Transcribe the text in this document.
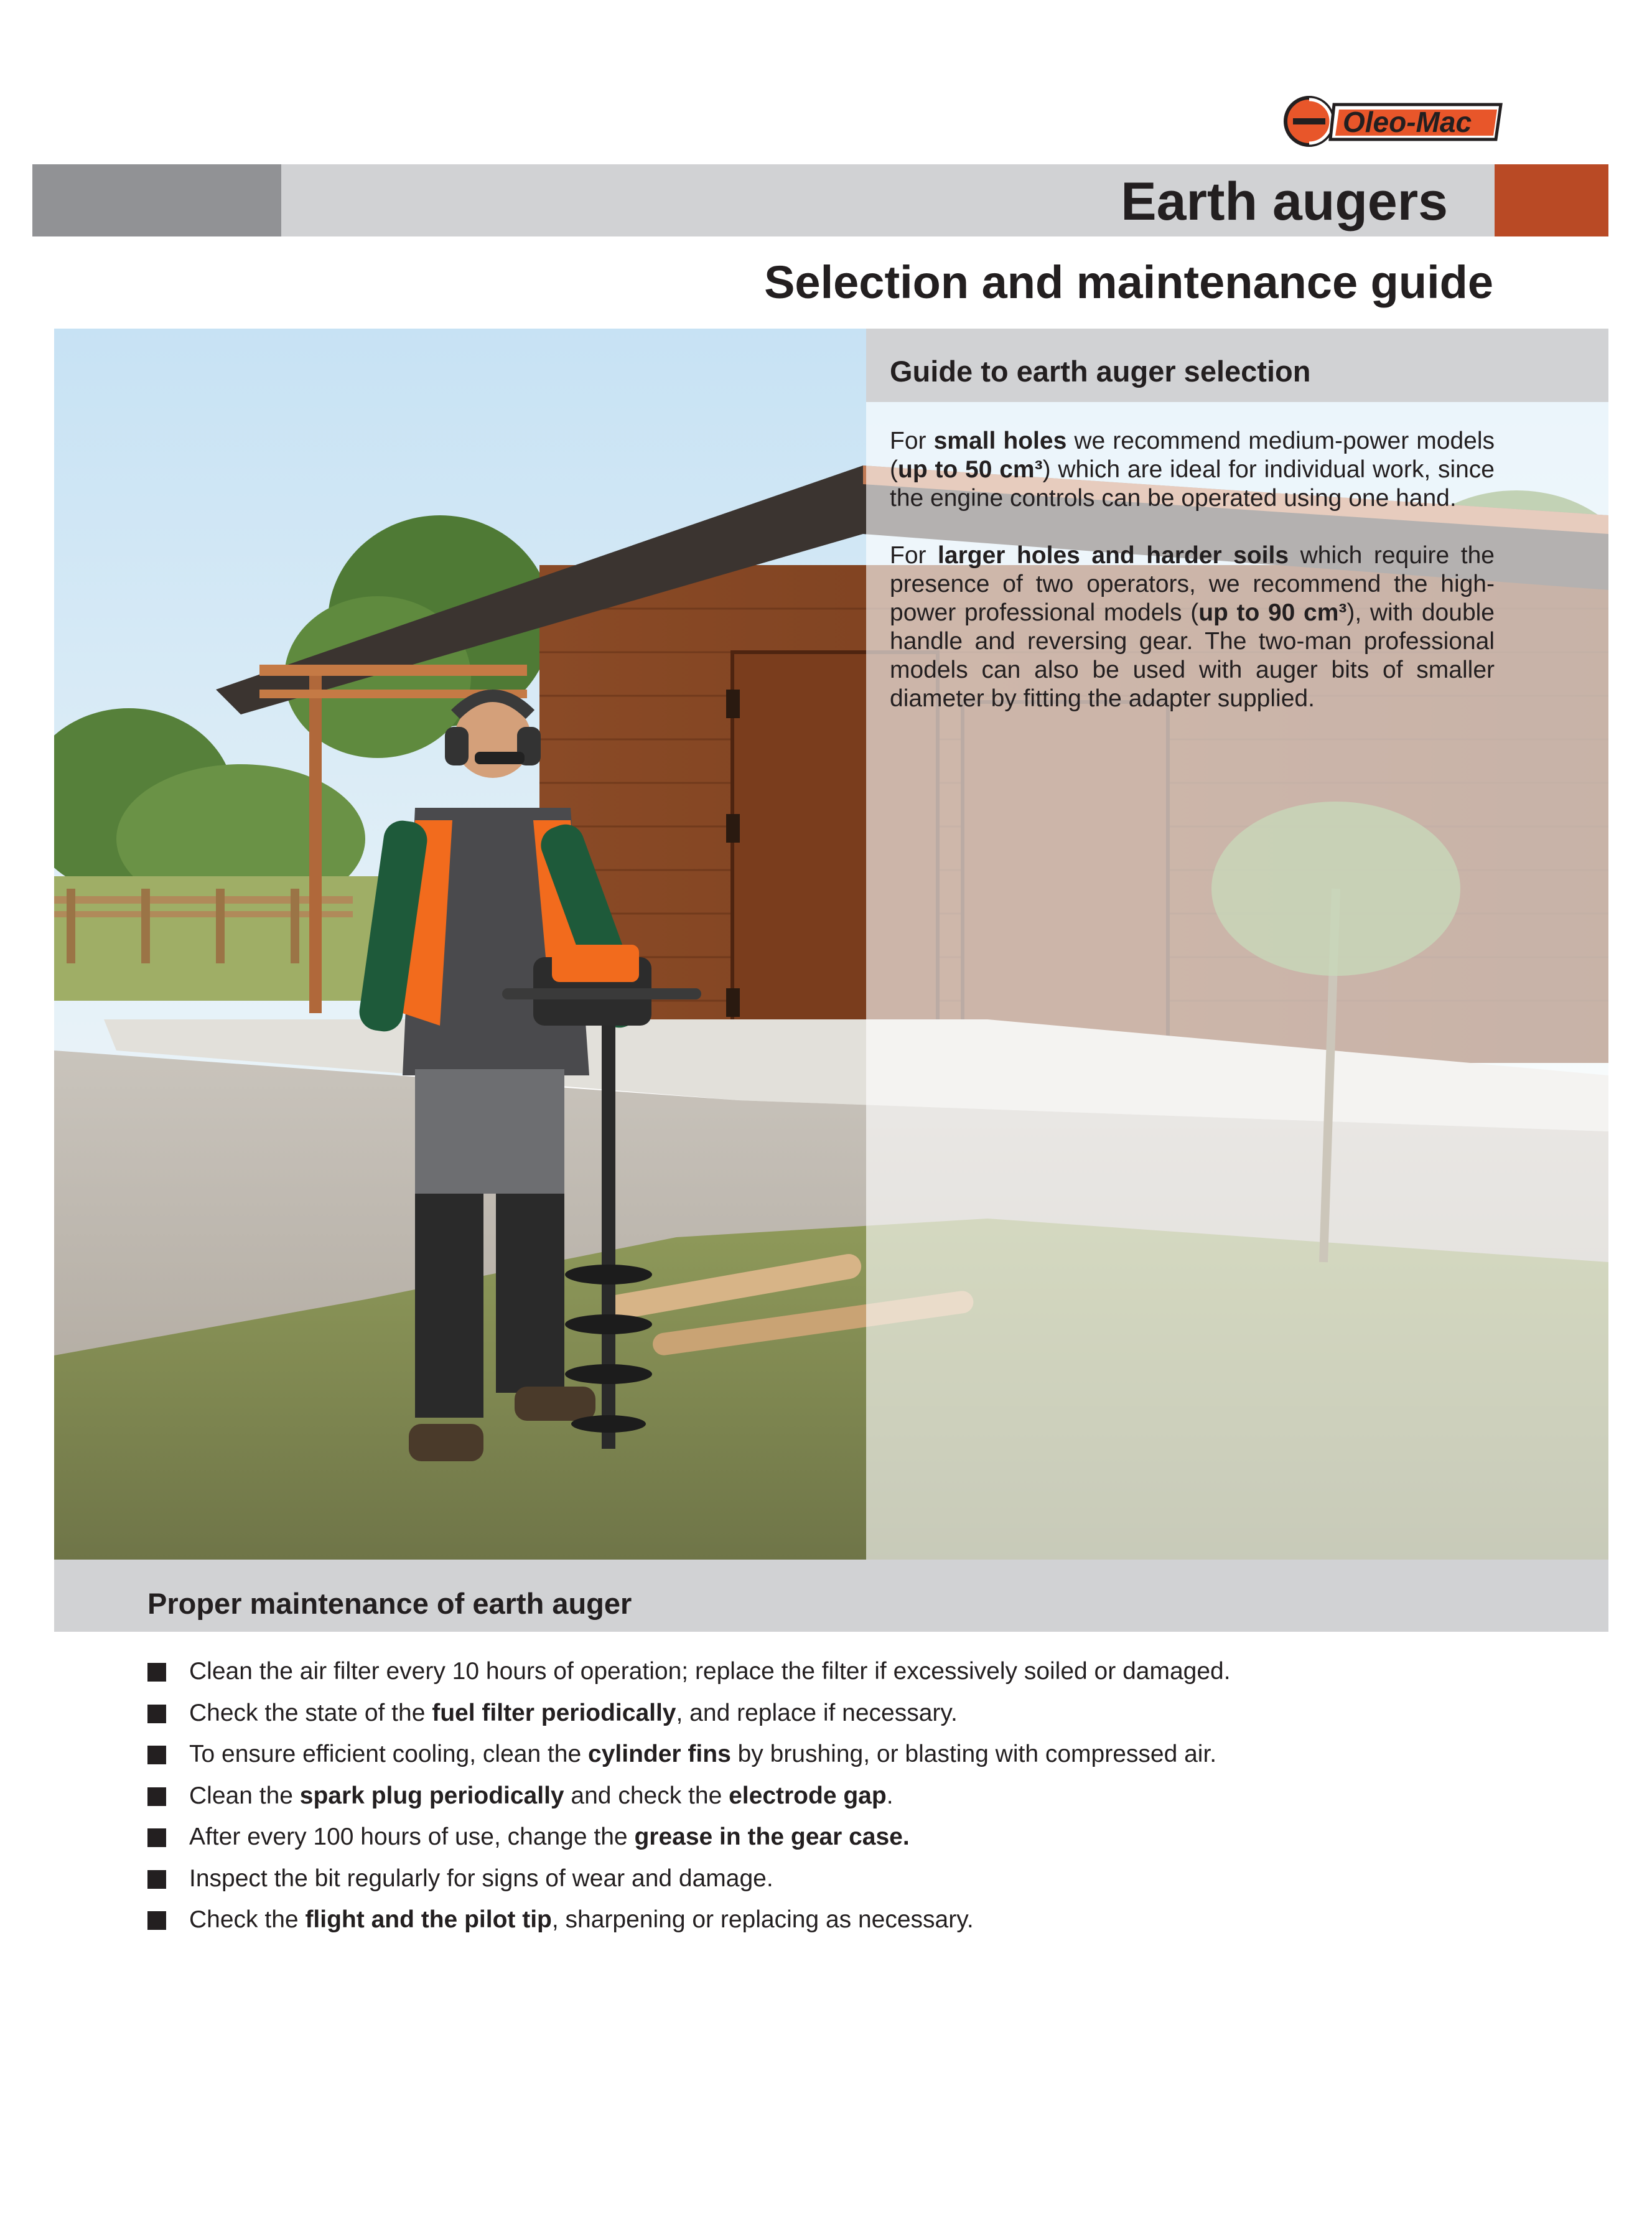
Oleo-Mac
Earth augers
Selection and maintenance guide
Guide to earth auger selection

For small holes we recommend medium-power models (up to 50 cm³) which are ideal for individual work, since the engine controls can be operated using one hand.

For larger holes and harder soils which require the presence of two operators, we recommend the high-power professional models (up to 90 cm³), with double handle and reversing gear. The two-man professional models can also be used with auger bits of smaller diameter by fitting the adapter supplied.

Proper maintenance of earth auger
Clean the air filter every 10 hours of operation; replace the filter if excessively soiled or damaged.
Check the state of the fuel filter periodically, and replace if necessary.
To ensure efficient cooling, clean the cylinder fins by brushing, or blasting with compressed air.
Clean the spark plug periodically and check the electrode gap.
After every 100 hours of use, change the grease in the gear case.
Inspect the bit regularly for signs of wear and damage.
Check the flight and the pilot tip, sharpening or replacing as necessary.
